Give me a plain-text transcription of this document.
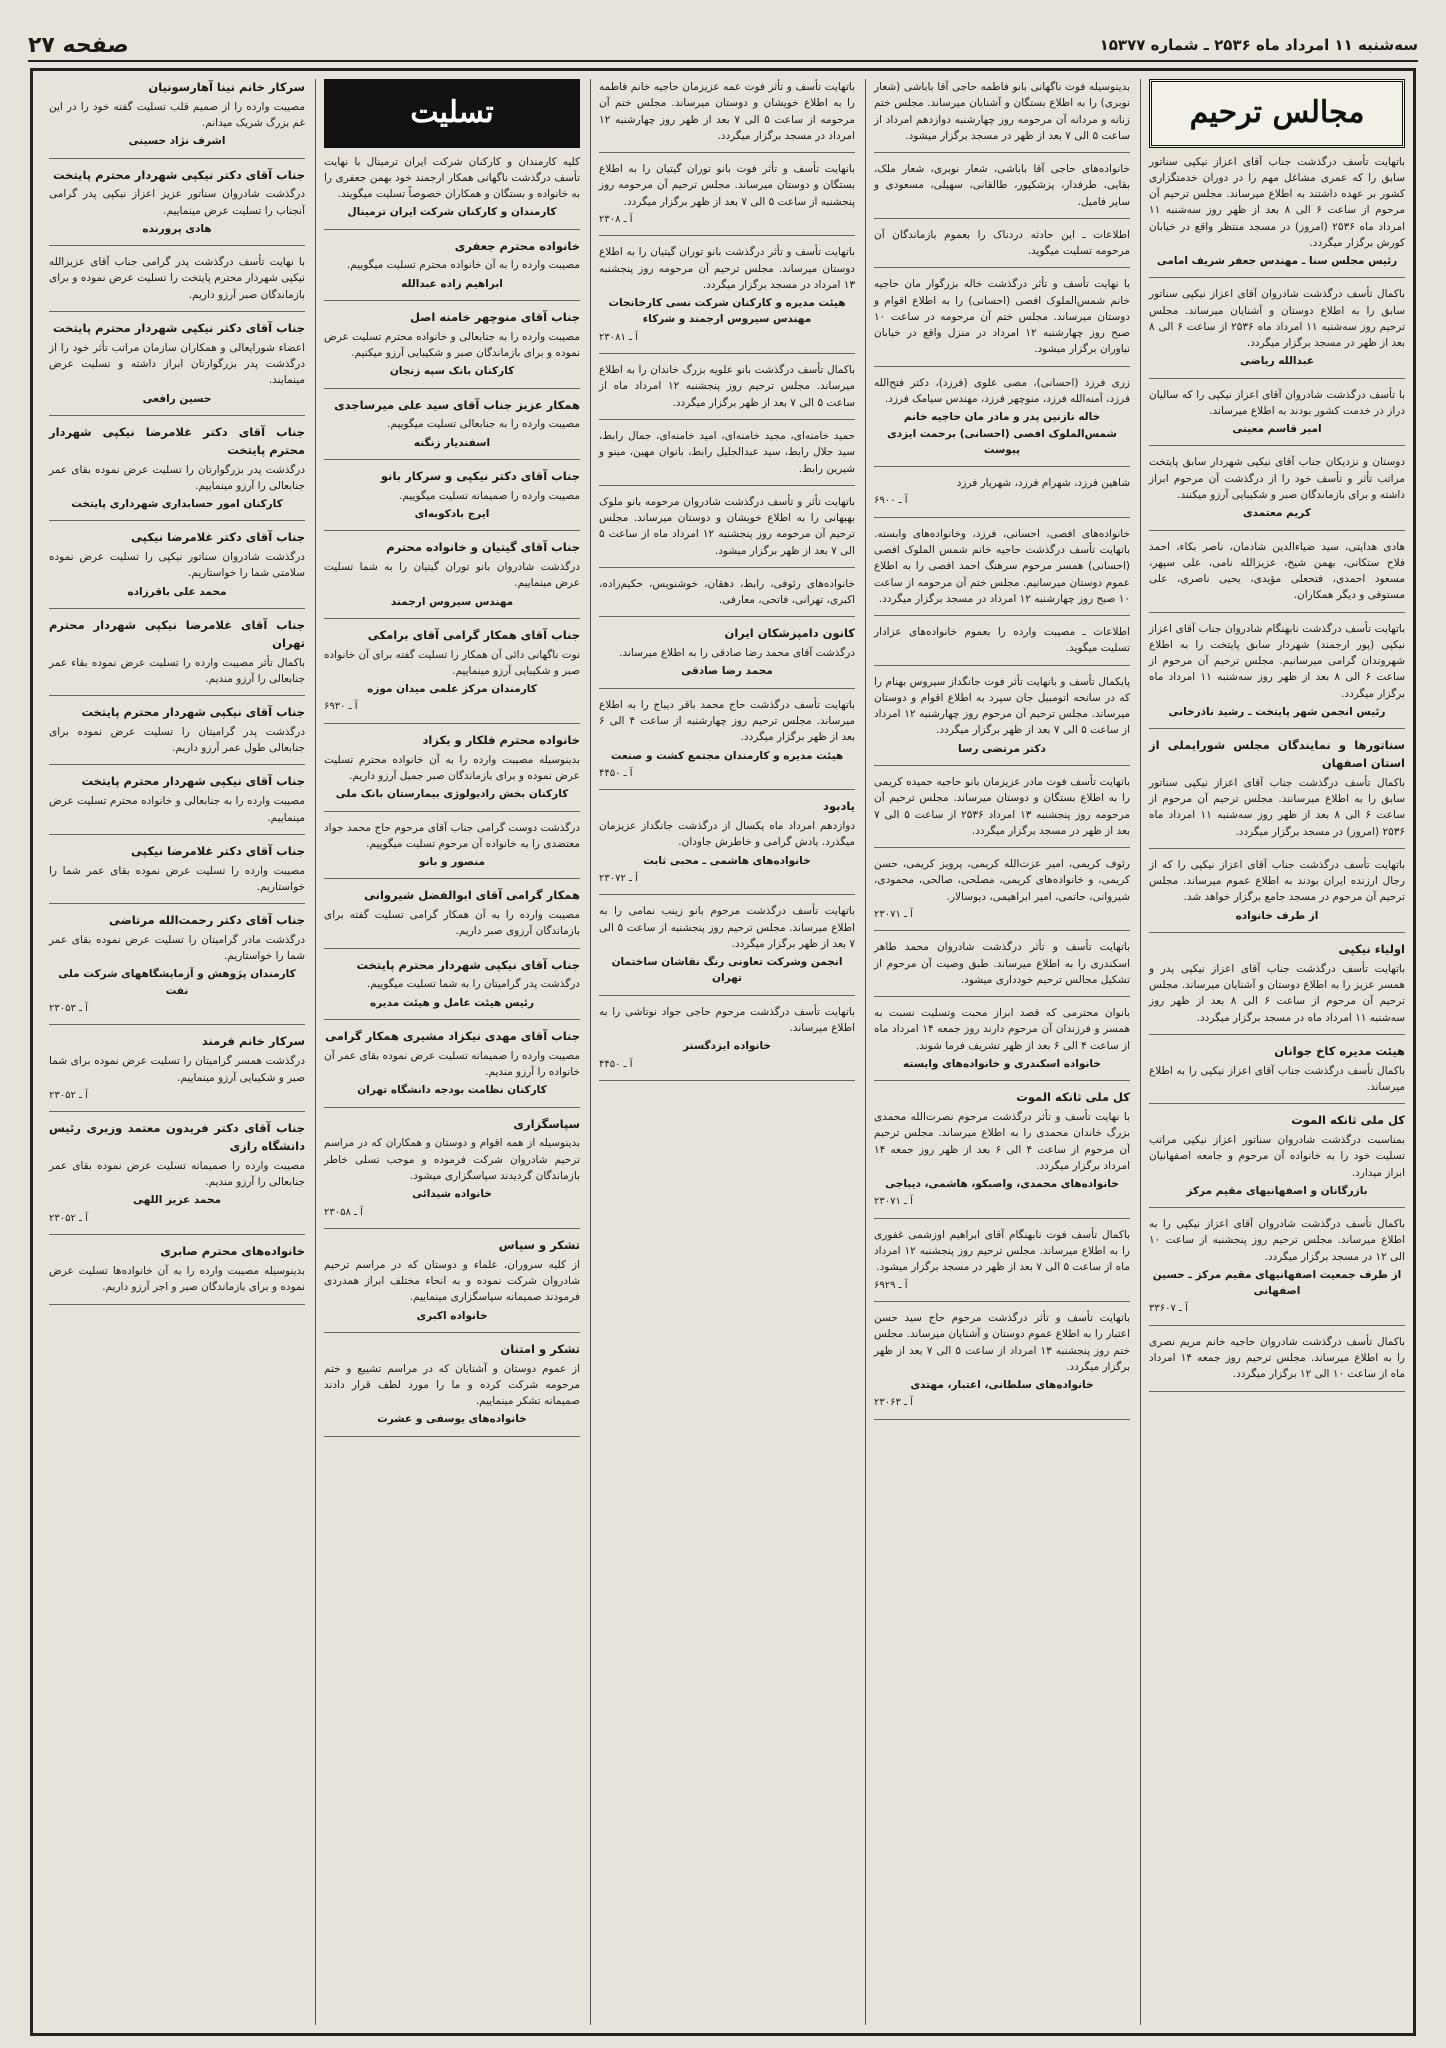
سه‌شنبه ۱۱ امرداد ماه ۲۵۳۶ ـ شماره ۱۵۳۷۷
صفحه ۲۷
مجالس ترحیم
باتهایت تأسف درگذشت جناب آقای اعزاز نیکپی سناتور سابق را که عمری مشاغل مهم را در دوران خدمتگزاری کشور بر عهده داشتند به اطلاع میرساند. مجلس ترحیم آن مرحوم از ساعت ۶ الی ۸ بعد از ظهر روز سه‌شنبه ۱۱ امرداد ماه ۲۵۳۶ (امروز) در مسجد منتظر واقع در خیابان کورش برگزار میگردد.
رئیس مجلس سنا ـ مهندس جعفر شریف امامی
باکمال تأسف درگذشت شادروان آقای اعزاز نیکپی سناتور سابق را به اطلاع دوستان و آشنایان میرساند. مجلس ترحیم روز سه‌شنبه ۱۱ امرداد ماه ۲۵۳۶ از ساعت ۶ الی ۸ بعد از ظهر در مسجد برگزار میگردد.
عبدالله ریاضی
با تأسف درگذشت شادروان آقای اعزاز نیکپی را که سالیان دراز در خدمت کشور بودند به اطلاع میرساند.
امیر قاسم معینی
دوستان و نزدیکان جناب آقای نیکپی شهردار سابق پایتخت مراتب تأثر و تأسف خود را از درگذشت آن مرحوم ابراز داشته و برای بازماندگان صبر و شکیبایی آرزو میکنند.
کریم معتمدی
هادی هدایتی، سید ضیاءالدین شادمان، ناصر بکاء، احمد فلاح ستکانی، بهمن شیخ، عزیزالله نامی، علی سپهر، مسعود احمدی، فتحعلی مؤیدی، یحیی ناصری، علی مستوفی و دیگر همکاران.
باتهایت تأسف درگذشت نابهنگام شادروان جناب آقای اعزاز نیکپی (پور ارجمند) شهردار سابق پایتخت را به اطلاع شهروندان گرامی میرسانیم. مجلس ترحیم آن مرحوم از ساعت ۶ الی ۸ بعد از ظهر روز سه‌شنبه ۱۱ امرداد ماه برگزار میگردد.
رئیس انجمن شهر پایتخت ـ رشید ناذرخانی
سناتورها و نمایندگان مجلس شورایملی از استان اصفهان
باکمال تأسف درگذشت جناب آقای اعزاز نیکپی سناتور سابق را به اطلاع میرسانند. مجلس ترحیم آن مرحوم از ساعت ۶ الی ۸ بعد از ظهر روز سه‌شنبه ۱۱ امرداد ماه ۲۵۳۶ (امروز) در مسجد برگزار میگردد.
باتهایت تأسف درگذشت جناب آقای اعزاز نیکپی را که از رجال ارزنده ایران بودند به اطلاع عموم میرساند. مجلس ترحیم آن مرحوم در مسجد جامع برگزار خواهد شد.
از طرف خانواده
اولیاء نیکپی
باتهایت تأسف درگذشت جناب آقای اعزاز نیکپی پدر و همسر عزیز را به اطلاع دوستان و آشنایان میرساند. مجلس ترحیم آن مرحوم از ساعت ۶ الی ۸ بعد از ظهر روز سه‌شنبه ۱۱ امرداد ماه در مسجد برگزار میگردد.
هیئت مدیره کاخ جوانان
باکمال تأسف درگذشت جناب آقای اعزاز نیکپی را به اطلاع میرساند.
کل ملی ثانکه الموت
بمناسبت درگذشت شادروان سناتور اعزاز نیکپی مراتب تسلیت خود را به خانواده آن مرحوم و جامعه اصفهانیان ابراز میدارد.
بازرگانان و اصفهانیهای مقیم مرکز
باکمال تأسف درگذشت شادروان آقای اعزاز نیکپی را به اطلاع میرساند. مجلس ترحیم روز پنجشنبه از ساعت ۱۰ الی ۱۲ در مسجد برگزار میگردد.
از طرف جمعیت اصفهانیهای مقیم مرکز ـ حسین اصفهانی
آ ـ ۳۳۶۰۷
باکمال تأسف درگذشت شادروان حاجیه خانم مریم نصری را به اطلاع میرساند. مجلس ترحیم روز جمعه ۱۴ امرداد ماه از ساعت ۱۰ الی ۱۲ برگزار میگردد.
بدینوسیله فوت ناگهانی بانو فاطمه حاجی آقا باباشی (شعار نوبری) را به اطلاع بستگان و آشنایان میرساند. مجلس ختم زنانه و مردانه آن مرحومه روز چهارشنبه دوازدهم امرداد از ساعت ۵ الی ۷ بعد از ظهر در مسجد برگزار میشود.
خانواده‌های حاجی آقا باباشی، شعار نوبری، شعار ملک، بقایی، طرفدار، پزشکپور، طالقانی، سهیلی، مسعودی و سایر فامیل.
اطلاعات ـ این حادثه دردناک را بعموم بازماندگان آن مرحومه تسلیت میگوید.
با نهایت تأسف و تأثر درگذشت خاله بزرگوار مان حاجیه خانم شمس‌الملوک افصی (احسانی) را به اطلاع اقوام و دوستان میرساند. مجلس ختم آن مرحومه در ساعت ۱۰ صبح روز چهارشنبه ۱۲ امرداد در منزل واقع در خیابان نیاوران برگزار میشود.
زری فرزد (احسانی)، مصی علوی (فرزد)، دکتر فتح‌الله فرزد، آمنه‌الله فرزد، منوچهر فرزد، مهندس سیامک فرزد.
خاله نازنین پدر و مادر مان حاجیه خانم شمس‌الملوک افصی (احسانی) برحمت ایزدی پیوست
شاهین فرزد، شهرام فرزد، شهریار فرزد
آ ـ ۶۹۰۰
خانواده‌های افصی، احسانی، فرزد، وخانواده‌های وابسته. باتهایت تأسف درگذشت حاجیه خانم شمس الملوک افصی (احسانی) همسر مرحوم سرهنگ احمد افصی را به اطلاع عموم دوستان میرسانیم. مجلس ختم آن مرحومه از ساعت ۱۰ صبح روز چهارشنبه ۱۲ امرداد در مسجد برگزار میگردد.
اطلاعات ـ مصیبت وارده را بعموم خانواده‌های عزادار تسلیت میگوید.
پایکمال تأسف و بانهایت تأثر فوت جانگداز سیروس بهنام را که در سانحه اتومبیل جان سپرد به اطلاع اقوام و دوستان میرساند. مجلس ترحیم آن مرحوم روز چهارشنبه ۱۲ امرداد از ساعت ۵ الی ۷ بعد از ظهر برگزار میگردد.
دکتر مرتضی رسا
باتهایت تأسف فوت مادر عزیزمان بانو حاجیه حمیده کریمی را به اطلاع بستگان و دوستان میرساند. مجلس ترحیم آن مرحومه روز پنجشنبه ۱۳ امرداد ۲۵۳۶ از ساعت ۵ الی ۷ بعد از ظهر در مسجد برگزار میگردد.
رئوف کریمی، امیر عزت‌الله کریمی، پرویز کریمی، حسن کریمی، و خانواده‌های کریمی، مصلحی، صالحی، محمودی، شیروانی، حاتمی، امیر ابراهیمی، دیوسالار.
آ ـ ۲۳۰۷۱
باتهایت تأسف و تأثر درگذشت شادروان محمد طاهر اسکندری را به اطلاع میرساند. طبق وصیت آن مرحوم از تشکیل مجالس ترحیم خودداری میشود.
بانوان محترمی که قصد ابراز محبت وتسلیت نسبت به همسر و فرزندان آن مرحوم دارند روز جمعه ۱۴ امرداد ماه از ساعت ۴ الی ۶ بعد از ظهر تشریف فرما شوند.
خانواده اسکندری و خانواده‌های وابسته
کل ملی ثانکه الموت
با نهایت تأسف و تأثر درگذشت مرحوم نصرت‌الله محمدی بزرگ خاندان محمدی را به اطلاع میرساند. مجلس ترحیم آن مرحوم از ساعت ۴ الی ۶ بعد از ظهر روز جمعه ۱۴ امرداد برگزار میگردد.
خانواده‌های محمدی، واصبکو، هاشمی، دیباجی
آ ـ ۲۳۰۷۱
باکمال تأسف فوت نابهنگام آقای ابراهیم اوزشمی غفوری را به اطلاع میرساند. مجلس ترحیم روز پنجشنبه ۱۲ امرداد ماه از ساعت ۵ الی ۷ بعد از ظهر در مسجد برگزار میشود.
آ ـ ۶۹۲۹
باتهایت تأسف و تأثر درگذشت مرحوم حاج سید حسن اعتبار را به اطلاع عموم دوستان و آشنایان میرساند. مجلس ختم روز پنجشنبه ۱۳ امرداد از ساعت ۵ الی ۷ بعد از ظهر برگزار میگردد.
خانواده‌های سلطانی، اعتبار، مهتدی
آ ـ ۲۳۰۶۳
باتهایت تأسف و تأثر فوت عمه عزیزمان حاجیه خانم فاطمه را به اطلاع خویشان و دوستان میرساند. مجلس ختم آن مرحومه از ساعت ۵ الی ۷ بعد از ظهر روز چهارشنبه ۱۲ امرداد در مسجد برگزار میگردد.
بانهایت تأسف و تأثر فوت بانو توران گیتیان را به اطلاع بستگان و دوستان میرساند. مجلس ترحیم آن مرحومه روز پنجشنبه از ساعت ۵ الی ۷ بعد از ظهر برگزار میگردد.
آ ـ ۲۳۰۸
باتهایت تأسف و تأثر درگذشت بانو توران گیتیان را به اطلاع دوستان میرساند. مجلس ترحیم آن مرحومه روز پنجشنبه ۱۳ امرداد در مسجد برگزار میگردد.
هیئت مدیره و کارکنان شرکت نسی کارخانجات مهندس سیروس ارجمند و شرکاء
آ ـ ۲۳۰۸۱
باکمال تأسف درگذشت بانو علویه بزرگ خاندان را به اطلاع میرساند. مجلس ترحیم روز پنجشنبه ۱۲ امرداد ماه از ساعت ۵ الی ۷ بعد از ظهر برگزار میگردد.
حمید خامنه‌ای، مجید خامنه‌ای، امید خامنه‌ای، جمال رابط، سید جلال رابط، سید عبدالجلیل رابط، بانوان مهین، مینو و شیرین رابط.
باتهایت تأثر و تأسف درگذشت شادروان مرحومه بانو ملوک بهبهانی را به اطلاع خویشان و دوستان میرساند. مجلس ترحیم آن مرحومه روز پنجشنبه ۱۲ امرداد ماه از ساعت ۵ الی ۷ بعد از ظهر برگزار میشود.
خانواده‌های رئوفی، رابط، دهقان، خوشنویس، حکیم‌زاده، اکبری، تهرانی، فاتحی، معارفی.
کانون دامپزشکان ایران
درگذشت آقای محمد رضا صادقی را به اطلاع میرساند.
محمد رضا صادقی
باتهایت تأسف درگذشت حاج محمد باقر دیباج را به اطلاع میرساند. مجلس ترحیم روز چهارشنبه از ساعت ۴ الی ۶ بعد از ظهر برگزار میگردد.
هیئت مدیره و کارمندان مجتمع کشت و صنعت
آ ـ ۴۴۵۰
یادبود
دوازدهم امرداد ماه یکسال از درگذشت جانگداز عزیزمان میگذرد. یادش گرامی و خاطرش جاودان.
خانواده‌های هاشمی ـ محبی ثابت
آ ـ ۲۳۰۷۲
باتهایت تأسف درگذشت مرحوم بانو زینب نمامی را به اطلاع میرساند. مجلس ترحیم روز پنجشنبه از ساعت ۵ الی ۷ بعد از ظهر برگزار میگردد.
انجمن وشرکت تعاونی رنگ نقاشان ساختمان تهران
باتهایت تأسف درگذشت مرحوم حاجی جواد نوتاشی را به اطلاع میرساند.
خانواده ایزدگستر
آ ـ ۴۴۵۰
تسلیت
کلیه کارمندان و کارکنان شرکت ایران ترمینال با نهایت تأسف درگذشت ناگهانی همکار ارجمند خود بهمن جعفری را به خانواده و بستگان و همکاران خصوصاً تسلیت میگویند.
کارمندان و کارکنان شرکت ایران ترمینال
خانواده محترم جعفری
مصیبت وارده را به آن خانواده محترم تسلیت میگوییم.
ابراهیم زاده عبدالله
جناب آقای منوچهر خامنه اصل
مصیبت وارده را به جنابعالی و خانواده محترم تسلیت عرض نموده و برای بازماندگان صبر و شکیبایی آرزو میکنیم.
کارکنان بانک سپه زنجان
همکار عزیز جناب آقای سید علی میرساجدی
مصیبت وارده را به جنابعالی تسلیت میگوییم.
اسفندیار زنگنه
جناب آقای دکتر نیکپی و سرکار بانو
مصیبت وارده را صمیمانه تسلیت میگوییم.
ایرج بادکوبه‌ای
جناب آقای گیتیان و خانواده محترم
درگذشت شادروان بانو توران گیتیان را به شما تسلیت عرض مینماییم.
مهندس سیروس ارجمند
جناب آقای همکار گرامی آقای برامکی
نوت ناگهانی دائی آن همکار را تسلیت گفته برای آن خانواده صبر و شکیبایی آرزو مینماییم.
کارمندان مرکز علمی میدان موزه
آ ـ ۶۹۳۰
خانواده محترم فلکار و یکزاد
بدینوسیله مصیبت وارده را به آن خانواده محترم تسلیت عرض نموده و برای بازماندگان صبر جمیل آرزو داریم.
کارکنان بخش رادیولوژی بیمارستان بانک ملی
درگذشت دوست گرامی جناب آقای مرحوم حاج محمد جواد معتضدی را به خانواده آن مرحوم تسلیت میگوییم.
منصور و بانو
همکار گرامی آقای ابوالفضل شیروانی
مصیبت وارده را به آن همکار گرامی تسلیت گفته برای بازماندگان آرزوی صبر داریم.
جناب آقای نیکپی شهردار محترم پایتخت
درگذشت پدر گرامیتان را به شما تسلیت میگوییم.
رئیس هیئت عامل و هیئت مدیره
جناب آقای مهدی نیکزاد مشیری همکار گرامی
مصیبت وارده را صمیمانه تسلیت عرض نموده بقای عمر آن خانواده را آرزو مندیم.
کارکنان نظامت بودجه دانشگاه تهران
سپاسگزاری
بدینوسیله از همه اقوام و دوستان و همکاران که در مراسم ترحیم شادروان شرکت فرموده و موجب تسلی خاطر بازماندگان گردیدند سپاسگزاری میشود.
خانواده شیدائی
آ ـ ۲۳۰۵۸
تشکر و سپاس
از کلیه سروران، علماء و دوستان که در مراسم ترحیم شادروان شرکت نموده و به انحاء مختلف ابراز همدردی فرمودند صمیمانه سپاسگزاری مینماییم.
خانواده اکبری
تشکر و امتنان
از عموم دوستان و آشنایان که در مراسم تشییع و ختم مرحومه شرکت کرده و ما را مورد لطف قرار دادند صمیمانه تشکر مینماییم.
خانواده‌های یوسفی و عشرت
سرکار خانم نینا آهارسونیان
مصیبت وارده را از صمیم قلب تسلیت گفته خود را در این غم بزرگ شریک میدانم.
اشرف نژاد حسینی
جناب آقای دکتر نیکپی شهردار محترم پایتخت
درگذشت شادروان سناتور عزیز اعزاز نیکپی پدر گرامی آنجناب را تسلیت عرض مینماییم.
هادی پرورنده
با نهایت تأسف درگذشت پدر گرامی جناب آقای عزیزالله نیکپی شهردار محترم پایتخت را تسلیت عرض نموده و برای بازماندگان صبر آرزو داریم.
جناب آقای دکتر نیکپی شهردار محترم پایتخت
اعضاء شورایعالی و همکاران سازمان مراتب تأثر خود را از درگذشت پدر بزرگوارتان ابراز داشته و تسلیت عرض مینمایند.
حسین رافعی
جناب آقای دکتر غلامرضا نیکپی شهردار محترم پایتخت
درگذشت پدر بزرگوارتان را تسلیت عرض نموده بقای عمر جنابعالی را آرزو مینماییم.
کارکنان امور حسابداری شهرداری پایتخت
جناب آقای دکتر غلامرضا نیکپی
درگذشت شادروان سناتور نیکپی را تسلیت عرض نموده سلامتی شما را خواستاریم.
محمد علی باقرزاده
جناب آقای غلامرضا نیکپی شهردار محترم تهران
باکمال تأثر مصیبت وارده را تسلیت عرض نموده بقاء عمر جنابعالی را آرزو مندیم.
جناب آقای نیکپی شهردار محترم پایتخت
درگذشت پدر گرامیتان را تسلیت عرض نموده برای جنابعالی طول عمر آرزو داریم.
جناب آقای نیکپی شهردار محترم پایتخت
مصیبت وارده را به جنابعالی و خانواده محترم تسلیت عرض مینماییم.
جناب آقای دکتر غلامرضا نیکپی
مصیبت وارده را تسلیت عرض نموده بقای عمر شما را خواستاریم.
جناب آقای دکتر رحمت‌الله مرتاضی
درگذشت مادر گرامیتان را تسلیت عرض نموده بقای عمر شما را خواستاریم.
کارمندان پژوهش و آزمایشگاههای شرکت ملی نفت
آ ـ ۲۳۰۵۳
سرکار خانم فرمند
درگذشت همسر گرامیتان را تسلیت عرض نموده برای شما صبر و شکیبایی آرزو مینماییم.
آ ـ ۲۳۰۵۲
جناب آقای دکتر فریدون معتمد وزیری رئیس دانشگاه رازی
مصیبت وارده را صمیمانه تسلیت عرض نموده بقای عمر جنابعالی را آرزو مندیم.
محمد عزیز اللهی
آ ـ ۲۳۰۵۲
خانواده‌های محترم صابری
بدینوسیله مصیبت وارده را به آن خانواده‌ها تسلیت عرض نموده و برای بازماندگان صبر و اجر آرزو داریم.
